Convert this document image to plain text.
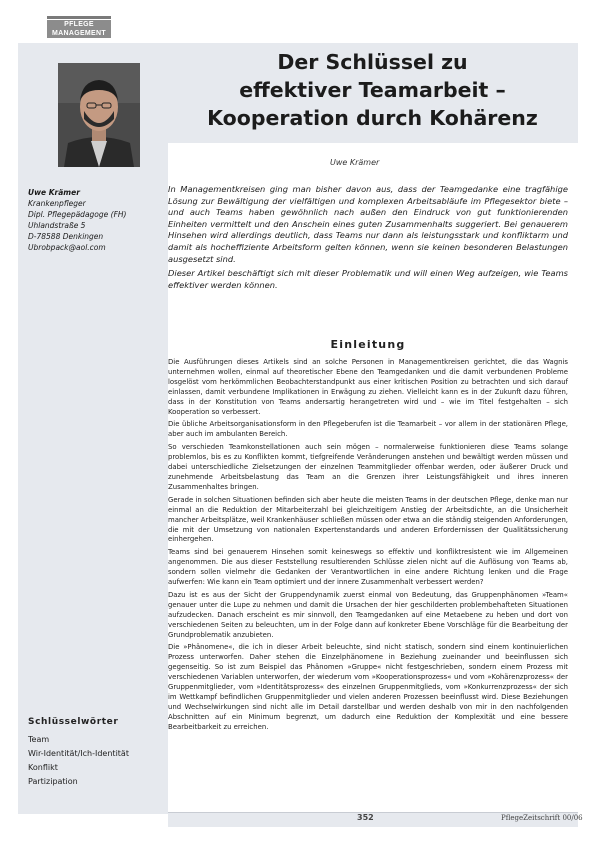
PFLEGE
MANAGEMENT
Der Schlüssel zu
effektiver Teamarbeit –
Kooperation durch Kohärenz
Uwe Krämer
Uwe Krämer
Krankenpfleger
Dipl. Pflegepädagoge (FH)
Uhlandstraße 5
D-78588 Denkingen
Ubrobpack@aol.com

In Managementkreisen ging man bisher davon aus, dass der Teamgedanke eine tragfähige Lösung zur Bewältigung der vielfältigen und komplexen Arbeitsabläufe im Pflegesektor biete – und auch Teams haben gewöhnlich nach außen den Eindruck von gut funktionierenden Einheiten vermittelt und den Anschein eines guten Zusammenhalts suggeriert. Bei genauerem Hinsehen wird allerdings deutlich, dass Teams nur dann als leistungsstark und konfliktarm und damit als hocheffiziente Arbeitsform gelten können, wenn sie keinen besonderen Belastungen ausgesetzt sind.

Dieser Artikel beschäftigt sich mit dieser Problematik und will einen Weg aufzeigen, wie Teams effektiver werden können.

Einleitung

Die Ausführungen dieses Artikels sind an solche Personen in Managementkreisen gerichtet, die das Wagnis unternehmen wollen, einmal auf theoretischer Ebene den Teamgedanken und die damit verbundenen Probleme losgelöst vom herkömmlichen Beobachterstandpunkt aus einer kritischen Position zu betrachten und sich darauf einlassen, damit verbundene Implikationen in Erwägung zu ziehen. Vielleicht kann es in der Zukunft dazu führen, dass in der Konstitution von Teams andersartig herangetreten wird und – wie im Titel festgehalten – sich Kooperation so verbessert.

Die übliche Arbeitsorganisationsform in den Pflegeberufen ist die Teamarbeit – vor allem in der stationären Pflege, aber auch im ambulanten Bereich.

So verschieden Teamkonstellationen auch sein mögen – normalerweise funktionieren diese Teams solange problemlos, bis es zu Konflikten kommt, tiefgreifende Veränderungen anstehen und bewältigt werden müssen und dabei unterschiedliche Zielsetzungen der einzelnen Teammitglieder offenbar werden, oder äußerer Druck und zunehmende Arbeitsbelastung das Team an die Grenzen ihrer Leistungsfähigkeit und ihres inneren Zusammenhaltes bringen.

Gerade in solchen Situationen befinden sich aber heute die meisten Teams in der deutschen Pflege, denke man nur einmal an die Reduktion der Mitarbeiterzahl bei gleichzeitigem Anstieg der Arbeitsdichte, an die Unsicherheit mancher Arbeitsplätze, weil Krankenhäuser schließen müssen oder etwa an die ständig steigenden Anforderungen, die mit der Umsetzung von nationalen Expertenstandards und anderen Erfordernissen der Qualitätssicherung einhergehen.

Teams sind bei genauerem Hinsehen somit keineswegs so effektiv und konfliktresistent wie im Allgemeinen angenommen. Die aus dieser Feststellung resultierenden Schlüsse zielen nicht auf die Auflösung von Teams ab, sondern sollen vielmehr die Gedanken der Verantwortlichen in eine andere Richtung lenken und die Frage aufwerfen: Wie kann ein Team optimiert und der innere Zusammenhalt verbessert werden?

Dazu ist es aus der Sicht der Gruppendynamik zuerst einmal von Bedeutung, das Gruppenphänomen »Team« genauer unter die Lupe zu nehmen und damit die Ursachen der hier geschilderten problembehafteten Situationen aufzudecken. Danach erscheint es mir sinnvoll, den Teamgedanken auf eine Metaebene zu heben und dort von verschiedenen Seiten zu beleuchten, um in der Folge dann auf konkreter Ebene Vorschläge für die Bearbeitung der Grundproblematik anzubieten.

Die »Phänomene«, die ich in dieser Arbeit beleuchte, sind nicht statisch, sondern sind einem kontinuierlichen Prozess unterworfen. Daher stehen die Einzelphänomene in Beziehung zueinander und beeinflussen sich gegenseitig. So ist zum Beispiel das Phänomen »Gruppe« nicht festgeschrieben, sondern einem Prozess mit verschiedenen Variablen unterworfen, der wiederum vom »Kooperationsprozess« und vom »Kohärenzprozess« der Gruppenmitglieder, vom »Identitätsprozess« des einzelnen Gruppenmitglieds, vom »Konkurrenzprozess« der sich im Wettkampf befindlichen Gruppenmitglieder und vielen anderen Prozessen beeinflusst wird. Diese Beziehungen und Wechselwirkungen sind nicht alle im Detail darstellbar und werden deshalb von mir in den nachfolgenden Abschnitten auf ein Minimum begrenzt, um dadurch eine Reduktion der Komplexität und eine bessere Bearbeitbarkeit zu erreichen.

Schlüsselwörter
Team
Wir-Identität/Ich-Identität
Konflikt
Partizipation
352	PflegeZeitschrift 00/06
